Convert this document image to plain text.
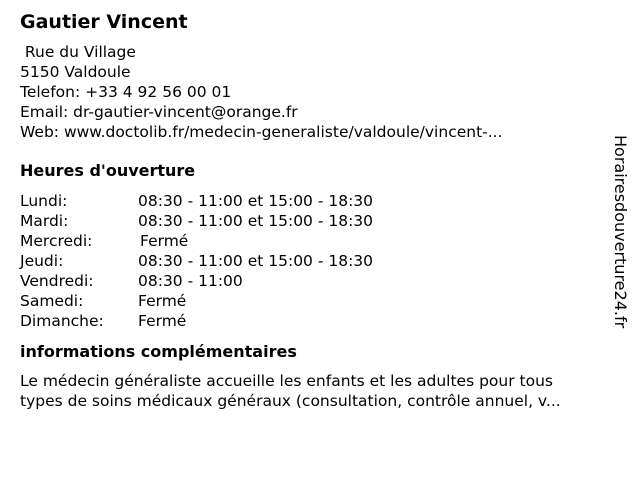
Gautier Vincent
Rue du Village
5150 Valdoule
Telefon: +33 4 92 56 00 01
Email: dr-gautier-vincent@orange.fr
Web: www.doctolib.fr/medecin-generaliste/valdoule/vincent-...
Heures d'ouverture
Lundi:	08:30 - 11:00 et 15:00 - 18:30
Mardi:	08:30 - 11:00 et 15:00 - 18:30
Mercredi:	Fermé
Jeudi:	08:30 - 11:00 et 15:00 - 18:30
Vendredi:	08:30 - 11:00
Samedi:	Fermé
Dimanche: Fermé
informations complémentaires
Le médecin généraliste accueille les enfants et les adultes pour tous
types de soins médicaux généraux (consultation, contrôle annuel, v...
Horairesdouverture24.fr
